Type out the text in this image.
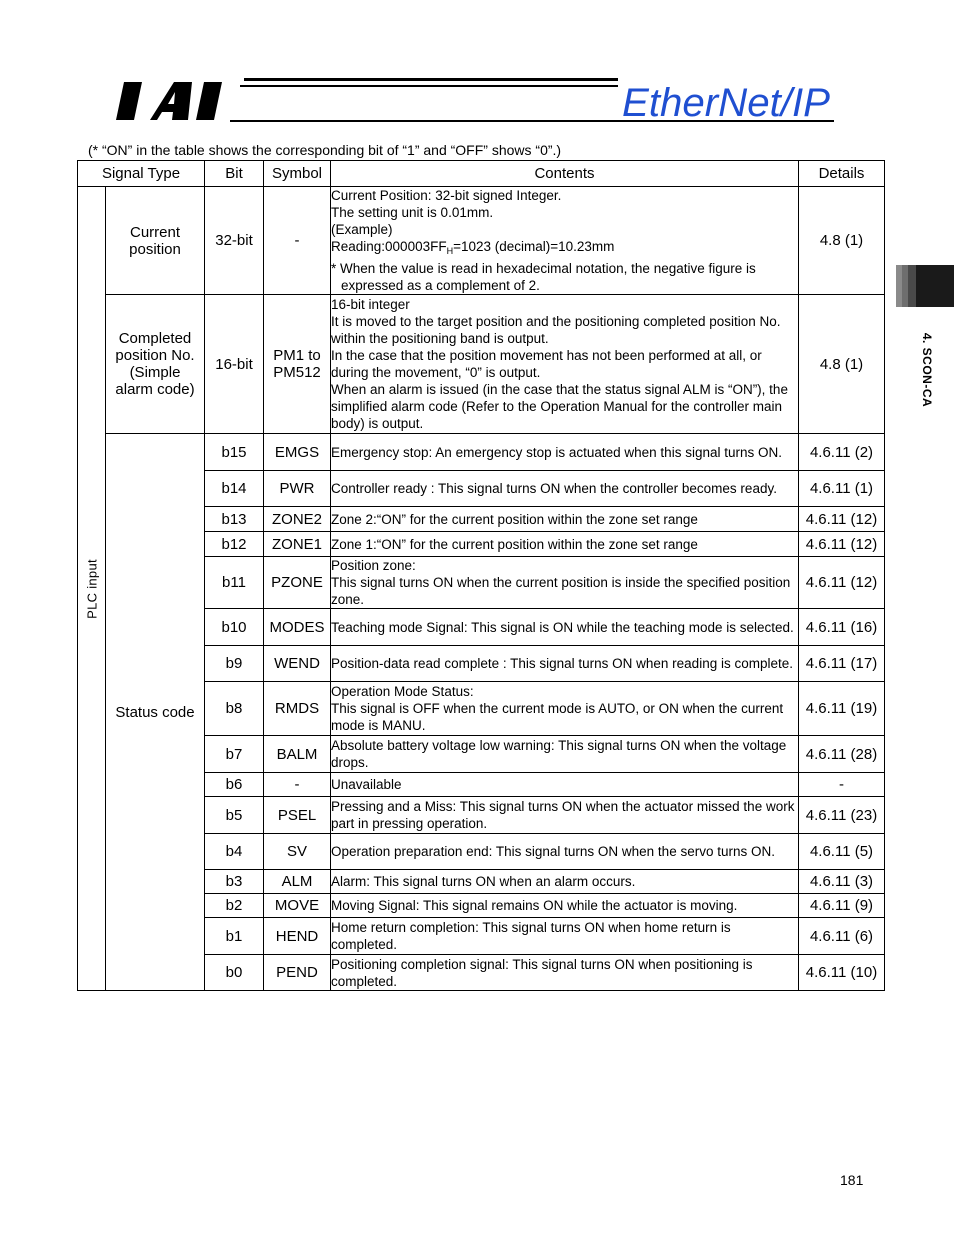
EtherNet/IP
IAI
(* “ON” in the table shows the corresponding bit of “1” and “OFF” shows “0”.)
Signal Type		Bit	Symbol	Contents	Details

PLC input	Current position	32-bit	-	Current Position: 32-bit signed Integer.
The setting unit is 0.01mm.
(Example)
$Reading:000003FF_H=1023$ (decimal)=10.23mm
* When the value is read in hexadecimal notation, the negative figure is expressed as a complement of 2.	4.8 (1)
	Completed position No. (Simple alarm code)	16-bit	PM1 to PM512	16-bit integer
It is moved to the target position and the positioning completed position No. within the positioning band is output.
In the case that the position movement has not been performed at all, or during the movement, “0” is output.
When an alarm is issued (in the case that the status signal ALM is “ON”), the simplified alarm code (Refer to the Operation Manual for the controller main body) is output.	4.8 (1)
	Status code	b15	EMGS	Emergency stop: An emergency stop is actuated when this signal turns ON.	4.6.11 (2)
		b14	PWR	Controller ready : This signal turns ON when the controller becomes ready.	4.6.11 (1)
		b13	ZONE2	Zone 2:“ON” for the current position within the zone set range	4.6.11 (12)
		b12	ZONE1	Zone 1:“ON” for the current position within the zone set range	4.6.11 (12)
		b11	PZONE	Position zone:
This signal turns ON when the current position is inside the specified position zone.	4.6.11 (12)
		b10	MODES	Teaching mode Signal: This signal is ON while the teaching mode is selected.	4.6.11 (16)
		b9	WEND	Position-data read complete : This signal turns ON when reading is complete.	4.6.11 (17)
		b8	RMDS	Operation Mode Status:
This signal is OFF when the current mode is AUTO, or ON when the current mode is MANU.	4.6.11 (19)
		b7	BALM	Absolute battery voltage low warning: This signal turns ON when the voltage drops.	4.6.11 (28)
		b6	-	Unavailable	-
		b5	PSEL	Pressing and a Miss: This signal turns ON when the actuator missed the work part in pressing operation.	4.6.11 (23)
		b4	SV	Operation preparation end: This signal turns ON when the servo turns ON.	4.6.11 (5)
		b3	ALM	Alarm: This signal turns ON when an alarm occurs.	4.6.11 (3)
		b2	MOVE	Moving Signal: This signal remains ON while the actuator is moving.	4.6.11 (9)
		b1	HEND	Home return completion: This signal turns ON when home return is completed.	4.6.11 (6)
		b0	PEND	Positioning completion signal: This signal turns ON when positioning is completed.	4.6.11 (10)
4. SCON-CA
181
